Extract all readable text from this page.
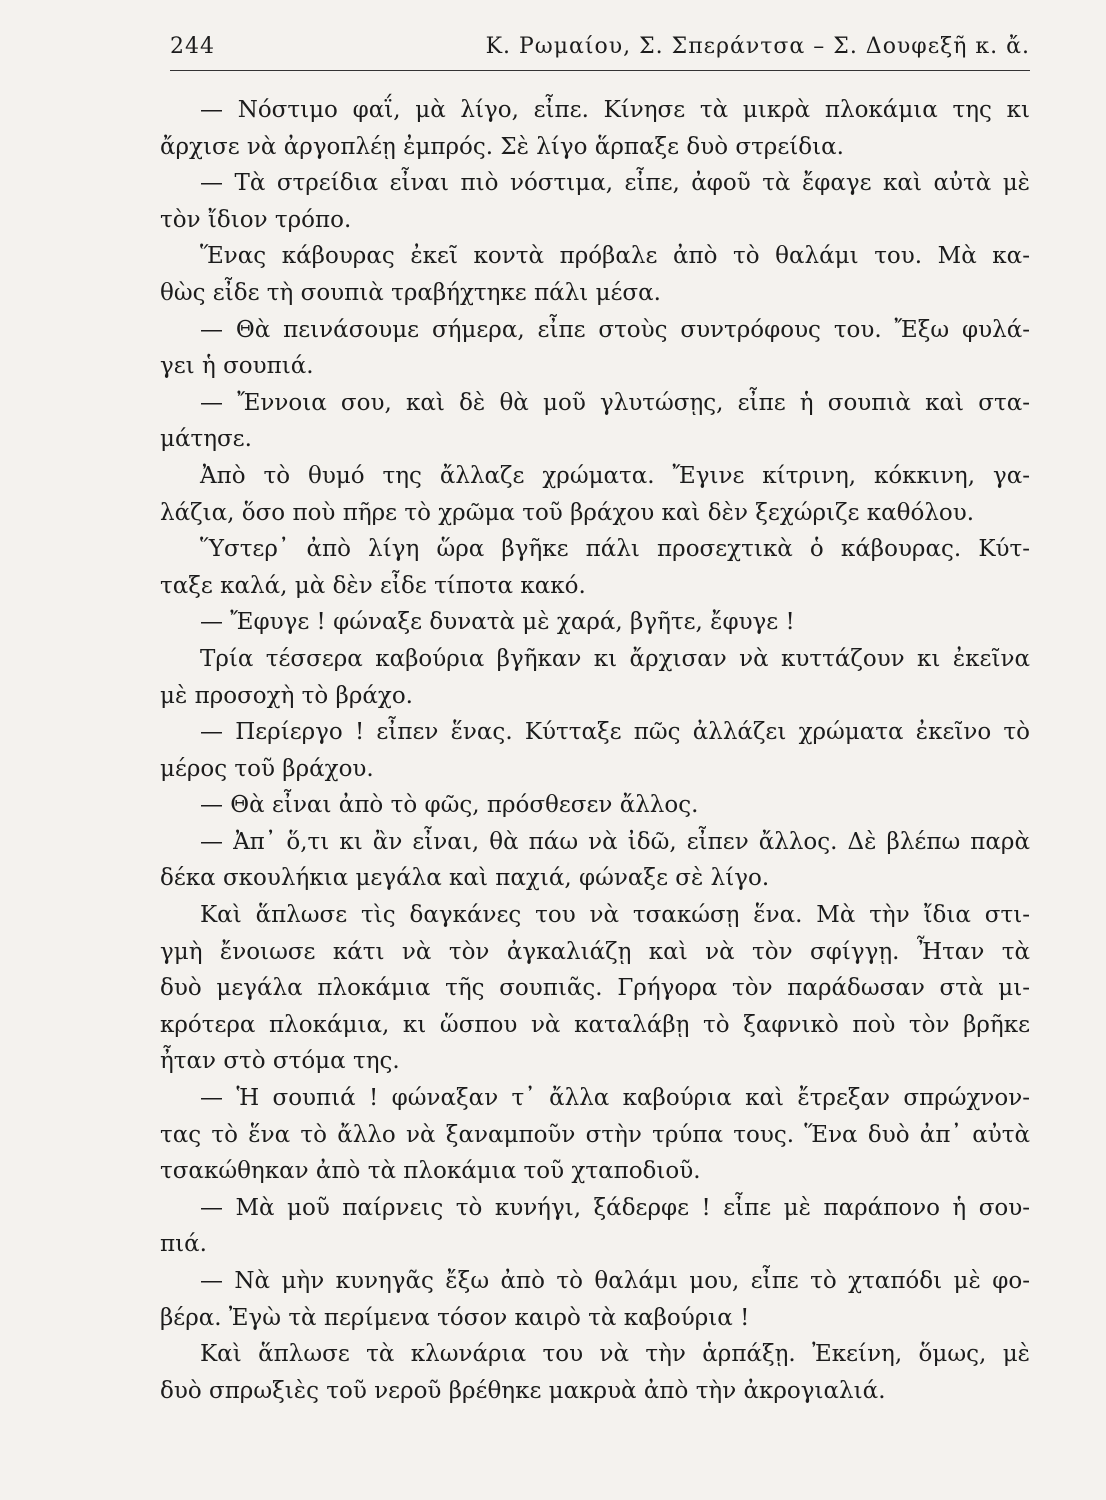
244	Κ. Ρωμαίου, Σ. Σπεράντσα – Σ. Δουφεξῆ κ. ἄ.
— Νόστιμο φαΐ, μὰ λίγο, εἶπε. Κίνησε τὰ μικρὰ πλοκάμια της κι
ἄρχισε νὰ ἀργοπλέῃ ἐμπρός. Σὲ λίγο ἅρπαξε δυὸ στρείδια.
— Τὰ στρείδια εἶναι πιὸ νόστιμα, εἶπε, ἀφοῦ τὰ ἔφαγε καὶ αὐτὰ μὲ
τὸν ἴδιον τρόπο.
Ἕνας κάβουρας ἐκεῖ κοντὰ πρόβαλε ἀπὸ τὸ θαλάμι του. Μὰ κα-
θὼς εἶδε τὴ σουπιὰ τραβήχτηκε πάλι μέσα.
— Θὰ πεινάσουμε σήμερα, εἶπε στοὺς συντρόφους του. Ἔξω φυλά-
γει ἡ σουπιά.
— Ἔννοια σου, καὶ δὲ θὰ μοῦ γλυτώσῃς, εἶπε ἡ σουπιὰ καὶ στα-
μάτησε.
Ἀπὸ τὸ θυμό της ἄλλαζε χρώματα. Ἔγινε κίτρινη, κόκκινη, γα-
λάζια, ὅσο ποὺ πῆρε τὸ χρῶμα τοῦ βράχου καὶ δὲν ξεχώριζε καθόλου.
Ὕστερ᾿ ἀπὸ λίγη ὥρα βγῆκε πάλι προσεχτικὰ ὁ κάβουρας. Κύτ-
ταξε καλά, μὰ δὲν εἶδε τίποτα κακό.
— Ἔφυγε ! φώναξε δυνατὰ μὲ χαρά, βγῆτε, ἔφυγε !
Τρία τέσσερα καβούρια βγῆκαν κι ἄρχισαν νὰ κυττάζουν κι ἐκεῖνα
μὲ προσοχὴ τὸ βράχο.
— Περίεργο ! εἶπεν ἕνας. Κύτταξε πῶς ἀλλάζει χρώματα ἐκεῖνο τὸ
μέρος τοῦ βράχου.
— Θὰ εἶναι ἀπὸ τὸ φῶς, πρόσθεσεν ἄλλος.
— Ἀπ᾿ ὅ,τι κι ἂν εἶναι, θὰ πάω νὰ ἰδῶ, εἶπεν ἄλλος. Δὲ βλέπω παρὰ
δέκα σκουλήκια μεγάλα καὶ παχιά, φώναξε σὲ λίγο.
Καὶ ἅπλωσε τὶς δαγκάνες του νὰ τσακώσῃ ἕνα. Μὰ τὴν ἴδια στι-
γμὴ ἔνοιωσε κάτι νὰ τὸν ἀγκαλιάζῃ καὶ νὰ τὸν σφίγγῃ. Ἦταν τὰ
δυὸ μεγάλα πλοκάμια τῆς σουπιᾶς. Γρήγορα τὸν παράδωσαν στὰ μι-
κρότερα πλοκάμια, κι ὥσπου νὰ καταλάβῃ τὸ ξαφνικὸ ποὺ τὸν βρῆκε
ἦταν στὸ στόμα της.
— Ἡ σουπιά ! φώναξαν τ᾿ ἄλλα καβούρια καὶ ἔτρεξαν σπρώχνον-
τας τὸ ἕνα τὸ ἄλλο νὰ ξαναμποῦν στὴν τρύπα τους. Ἕνα δυὸ ἀπ᾿ αὐτὰ
τσακώθηκαν ἀπὸ τὰ πλοκάμια τοῦ χταποδιοῦ.
— Μὰ μοῦ παίρνεις τὸ κυνήγι, ξάδερφε ! εἶπε μὲ παράπονο ἡ σου-
πιά.
— Νὰ μὴν κυνηγᾶς ἔξω ἀπὸ τὸ θαλάμι μου, εἶπε τὸ χταπόδι μὲ φο-
βέρα. Ἐγὼ τὰ περίμενα τόσον καιρὸ τὰ καβούρια !
Καὶ ἅπλωσε τὰ κλωνάρια του νὰ τὴν ἁρπάξῃ. Ἐκείνη, ὅμως, μὲ
δυὸ σπρωξιὲς τοῦ νεροῦ βρέθηκε μακρυὰ ἀπὸ τὴν ἀκρογιαλιά.
